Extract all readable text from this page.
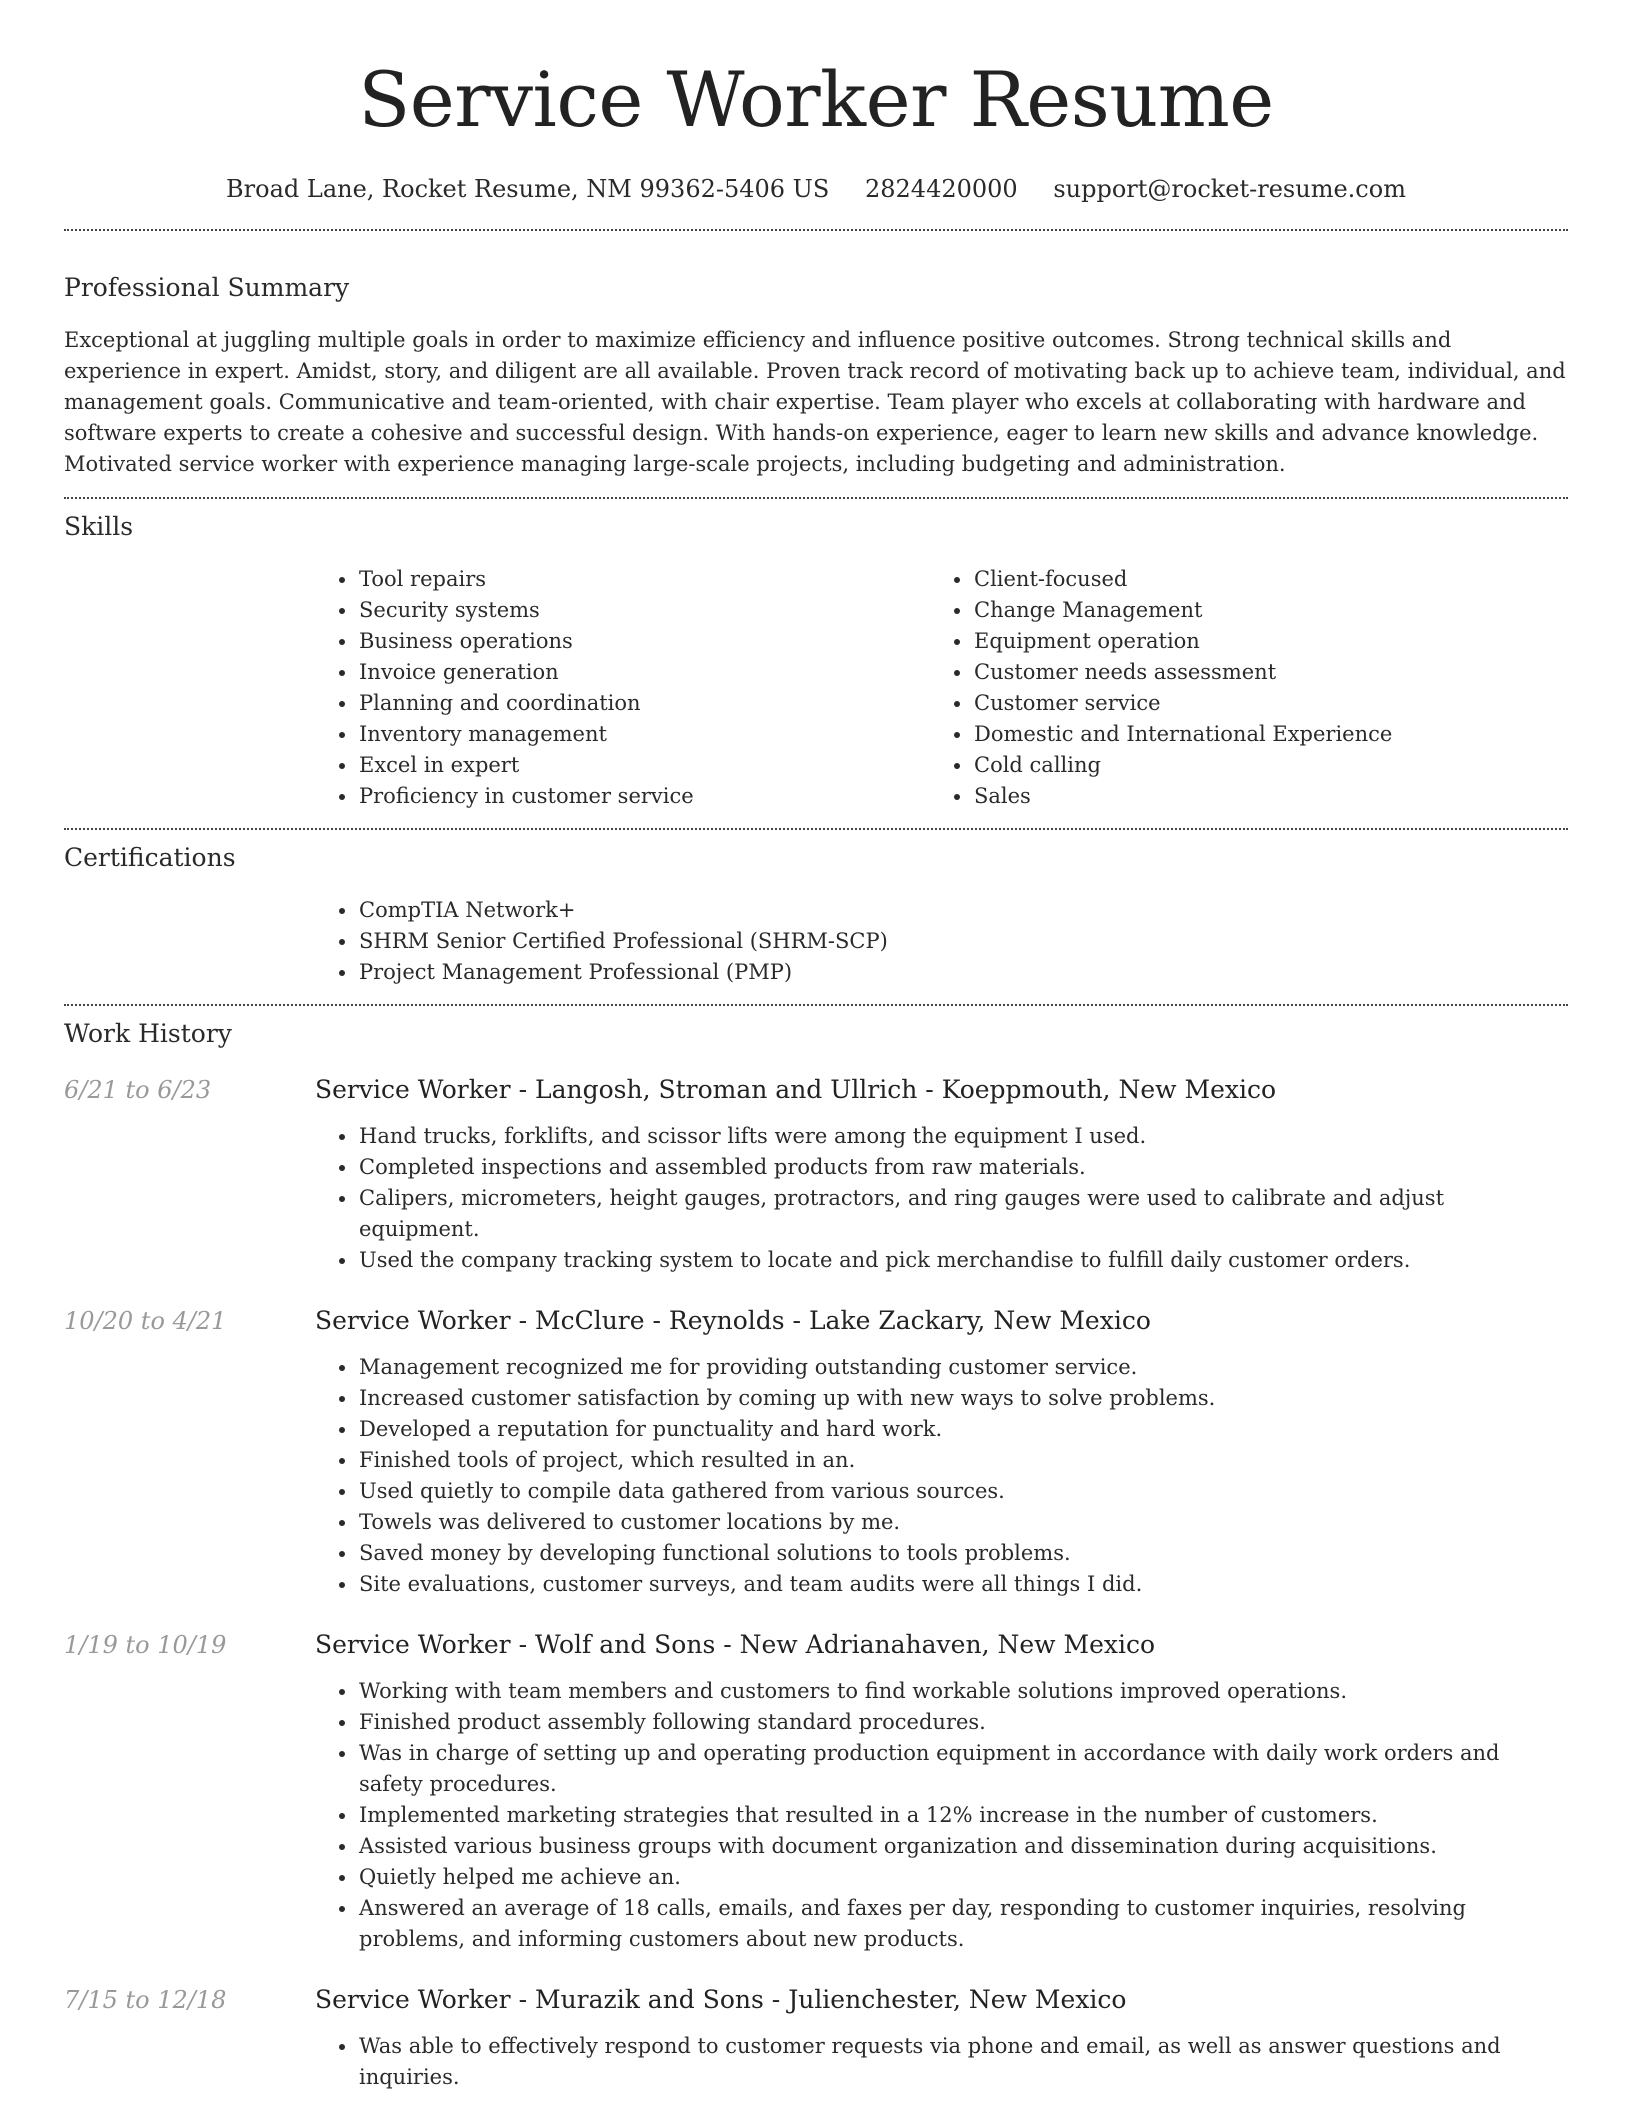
Service Worker Resume
Broad Lane, Rocket Resume, NM 99362-5406 US 2824420000 support@rocket-resume.com
Professional Summary

Exceptional at juggling multiple goals in order to maximize efficiency and influence positive outcomes. Strong technical skills and experience in expert. Amidst, story, and diligent are all available. Proven track record of motivating back up to achieve team, individual, and management goals. Communicative and team-oriented, with chair expertise. Team player who excels at collaborating with hardware and software experts to create a cohesive and successful design. With hands-on experience, eager to learn new skills and advance knowledge. Motivated service worker with experience managing large-scale projects, including budgeting and administration.

Skills
• Tool repairs
• Security systems
• Business operations
• Invoice generation
• Planning and coordination
• Inventory management
• Excel in expert
• Proficiency in customer service
• Client-focused
• Change Management
• Equipment operation
• Customer needs assessment
• Customer service
• Domestic and International Experience
• Cold calling
• Sales
Certifications
• CompTIA Network+
• SHRM Senior Certified Professional (SHRM-SCP)
• Project Management Professional (PMP)
Work History
6/21 to 6/23	Service Worker - Langosh, Stroman and Ullrich - Koeppmouth, New Mexico
• Hand trucks, forklifts, and scissor lifts were among the equipment I used.
• Completed inspections and assembled products from raw materials.
• Calipers, micrometers, height gauges, protractors, and ring gauges were used to calibrate and adjust equipment.
• Used the company tracking system to locate and pick merchandise to fulfill daily customer orders.
10/20 to 4/21	Service Worker - McClure - Reynolds - Lake Zackary, New Mexico
• Management recognized me for providing outstanding customer service.
• Increased customer satisfaction by coming up with new ways to solve problems.
• Developed a reputation for punctuality and hard work.
• Finished tools of project, which resulted in an.
• Used quietly to compile data gathered from various sources.
• Towels was delivered to customer locations by me.
• Saved money by developing functional solutions to tools problems.
• Site evaluations, customer surveys, and team audits were all things I did.
1/19 to 10/19	Service Worker - Wolf and Sons - New Adrianahaven, New Mexico
• Working with team members and customers to find workable solutions improved operations.
• Finished product assembly following standard procedures.
• Was in charge of setting up and operating production equipment in accordance with daily work orders and safety procedures.
• Implemented marketing strategies that resulted in a 12% increase in the number of customers.
• Assisted various business groups with document organization and dissemination during acquisitions.
• Quietly helped me achieve an.
• Answered an average of 18 calls, emails, and faxes per day, responding to customer inquiries, resolving problems, and informing customers about new products.
7/15 to 12/18	Service Worker - Murazik and Sons - Julienchester, New Mexico
• Was able to effectively respond to customer requests via phone and email, as well as answer questions and inquiries.
